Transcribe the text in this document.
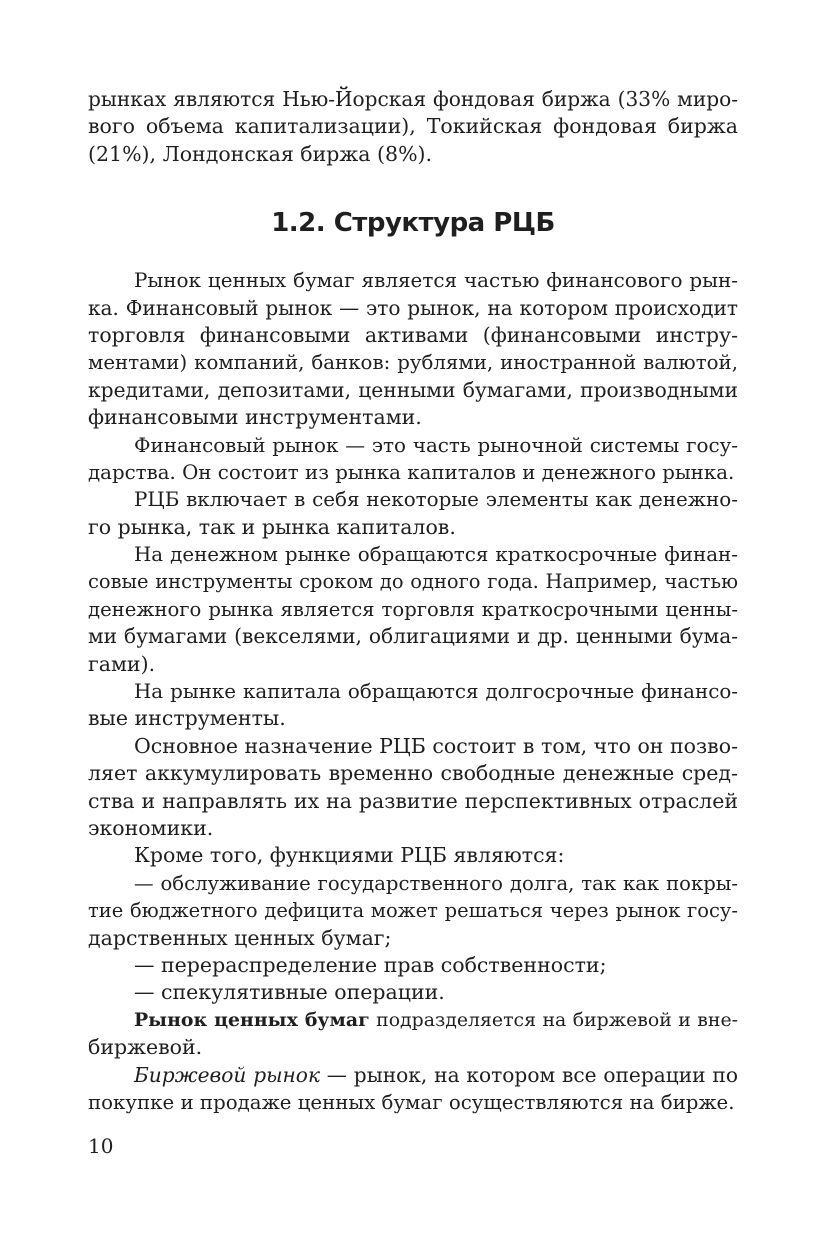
рынках являются Нью-Йорская фондовая биржа (33% миро-
вого объема капитализации), Токийская фондовая биржа
(21%), Лондонская биржа (8%).
1.2. Структура РЦБ
Рынок ценных бумаг является частью финансового рын-
ка. Финансовый рынок — это рынок, на котором происходит
торговля финансовыми активами (финансовыми инстру-
ментами) компаний, банков: рублями, иностранной валютой,
кредитами, депозитами, ценными бумагами, производными
финансовыми инструментами.
Финансовый рынок — это часть рыночной системы госу-
дарства. Он состоит из рынка капиталов и денежного рынка.
РЦБ включает в себя некоторые элементы как денежно-
го рынка, так и рынка капиталов.
На денежном рынке обращаются краткосрочные финан-
совые инструменты сроком до одного года. Например, частью
денежного рынка является торговля краткосрочными ценны-
ми бумагами (векселями, облигациями и др. ценными бума-
гами).
На рынке капитала обращаются долгосрочные финансо-
вые инструменты.
Основное назначение РЦБ состоит в том, что он позво-
ляет аккумулировать временно свободные денежные сред-
ства и направлять их на развитие перспективных отраслей
экономики.
Кроме того, функциями РЦБ являются:
— обслуживание государственного долга, так как покры-
тие бюджетного дефицита может решаться через рынок госу-
дарственных ценных бумаг;
— перераспределение прав собственности;
— спекулятивные операции.
Рынок ценных бумаг подразделяется на биржевой и вне-
биржевой.
Биржевой рынок — рынок, на котором все операции по
покупке и продаже ценных бумаг осуществляются на бирже.
10
